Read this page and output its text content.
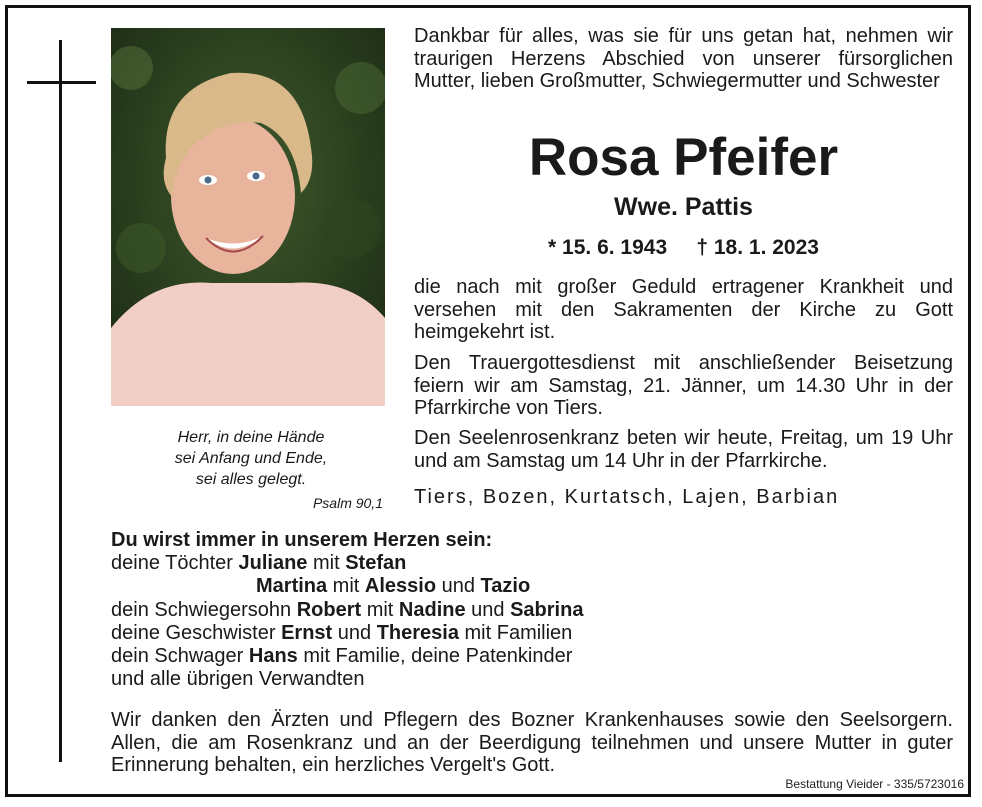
Herr, in deine Hände
sei Anfang und Ende,
sei alles gelegt.
Psalm 90,1
Dankbar für alles, was sie für uns getan hat, nehmen wir traurigen Herzens Abschied von unserer fürsorglichen Mutter, lieben Großmutter, Schwiegermutter und Schwester
Rosa Pfeifer
Wwe. Pattis
* 15. 6. 1943 † 18. 1. 2023
die nach mit großer Geduld ertragener Krankheit und versehen mit den Sakramenten der Kirche zu Gott heimgekehrt ist.
Den Trauergottesdienst mit anschließender Beisetzung feiern wir am Samstag, 21. Jänner, um 14.30 Uhr in der Pfarrkirche von Tiers.
Den Seelenrosenkranz beten wir heute, Freitag, um 19 Uhr und am Samstag um 14 Uhr in der Pfarrkirche.
Tiers, Bozen, Kurtatsch, Lajen, Barbian
Du wirst immer in unserem Herzen sein:
deine Töchter Juliane mit Stefan
Martina mit Alessio und Tazio
dein Schwiegersohn Robert mit Nadine und Sabrina
deine Geschwister Ernst und Theresia mit Familien
dein Schwager Hans mit Familie, deine Patenkinder
und alle übrigen Verwandten
Wir danken den Ärzten und Pflegern des Bozner Krankenhauses sowie den Seelsorgern. Allen, die am Rosenkranz und an der Beerdigung teilnehmen und unsere Mutter in guter Erinnerung behalten, ein herzliches Vergelt's Gott.
Bestattung Vieider - 335/5723016
